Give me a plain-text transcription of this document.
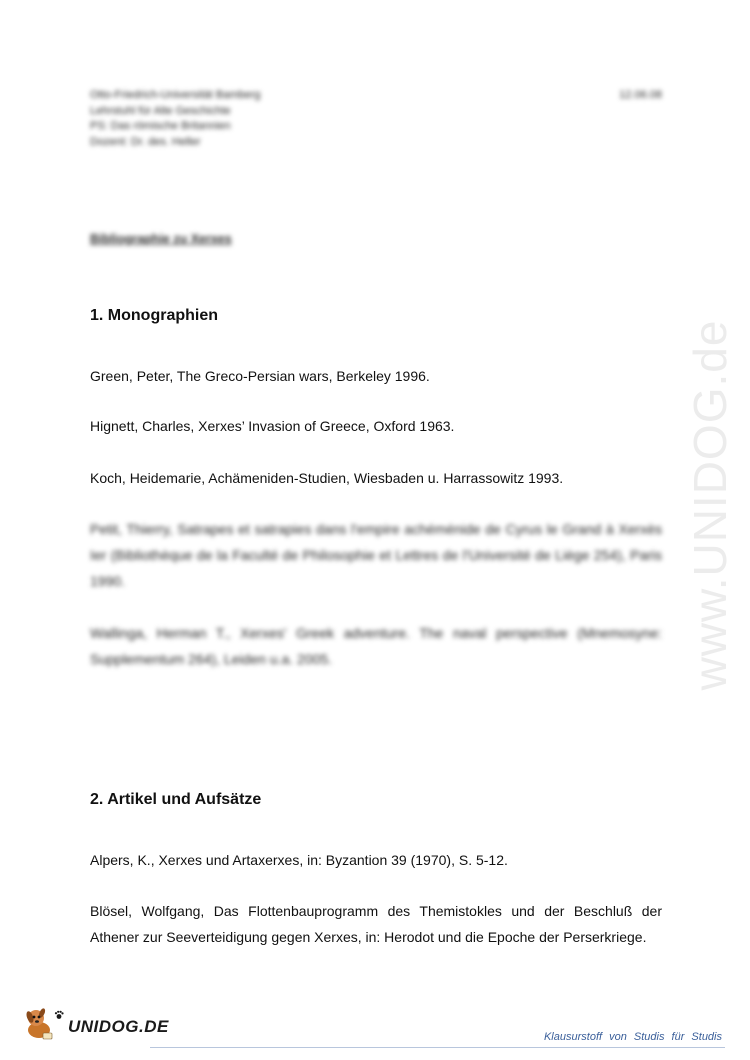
www.UNIDOG.de
Otto-Friedrich-Universität Bamberg
Lehrstuhl für Alte Geschichte
PS: Das römische Britannien
Dozent: Dr. des. Heller
12.06.08
Bibliographie zu Xerxes
1. Monographien
Green, Peter, The Greco-Persian wars, Berkeley 1996.
Hignett, Charles, Xerxes’ Invasion of Greece, Oxford 1963.
Koch, Heidemarie, Achämeniden-Studien, Wiesbaden u. Harrassowitz 1993.
Petit, Thierry, Satrapes et satrapies dans l'empire achéménide de Cyrus le Grand à Xerxès Ier (Bibliothèque de la Faculté de Philosophie et Lettres de l'Université de Liège 254), Paris 1990.
Wallinga, Herman T., Xerxes' Greek adventure. The naval perspective (Mnemosyne: Supplementum 264), Leiden u.a. 2005.
2. Artikel und Aufsätze
Alpers, K., Xerxes und Artaxerxes, in: Byzantion 39 (1970), S. 5-12.
Blösel, Wolfgang, Das Flottenbauprogramm des Themistokles und der Beschluß der Athener zur Seeverteidigung gegen Xerxes, in: Herodot und die Epoche der Perserkriege.
UNIDOG.DE
Klausurstoff von Studis für Studis
